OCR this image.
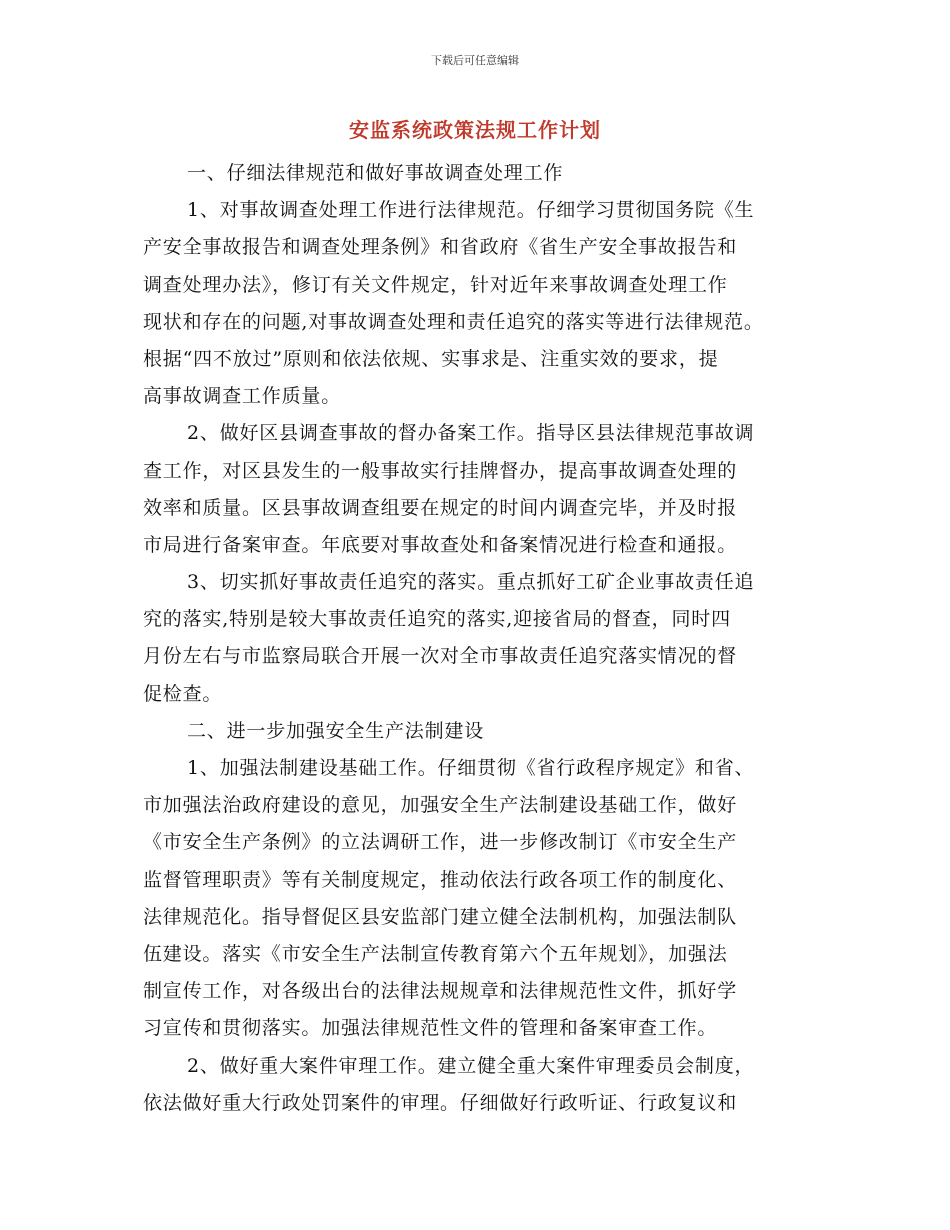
下载后可任意编辑
安监系统政策法规工作计划
一、仔细法律规范和做好事故调查处理工作
1、对事故调查处理工作进行法律规范。仔细学习贯彻国务院《生
产安全事故报告和调查处理条例》和省政府《省生产安全事故报告和
调查处理办法》，修订有关文件规定，针对近年来事故调查处理工作
现状和存在的问题,对事故调查处理和责任追究的落实等进行法律规范。
根据“四不放过”原则和依法依规、实事求是、注重实效的要求，提
高事故调查工作质量。
2、做好区县调查事故的督办备案工作。指导区县法律规范事故调
查工作，对区县发生的一般事故实行挂牌督办，提高事故调查处理的
效率和质量。区县事故调查组要在规定的时间内调查完毕，并及时报
市局进行备案审查。年底要对事故查处和备案情况进行检查和通报。
3、切实抓好事故责任追究的落实。重点抓好工矿企业事故责任追
究的落实,特别是较大事故责任追究的落实,迎接省局的督查，同时四
月份左右与市监察局联合开展一次对全市事故责任追究落实情况的督
促检查。
二、进一步加强安全生产法制建设
1、加强法制建设基础工作。仔细贯彻《省行政程序规定》和省、
市加强法治政府建设的意见，加强安全生产法制建设基础工作，做好
《市安全生产条例》的立法调研工作，进一步修改制订《市安全生产
监督管理职责》等有关制度规定，推动依法行政各项工作的制度化、
法律规范化。指导督促区县安监部门建立健全法制机构，加强法制队
伍建设。落实《市安全生产法制宣传教育第六个五年规划》，加强法
制宣传工作，对各级出台的法律法规规章和法律规范性文件，抓好学
习宣传和贯彻落实。加强法律规范性文件的管理和备案审查工作。
2、做好重大案件审理工作。建立健全重大案件审理委员会制度，
依法做好重大行政处罚案件的审理。仔细做好行政听证、行政复议和
